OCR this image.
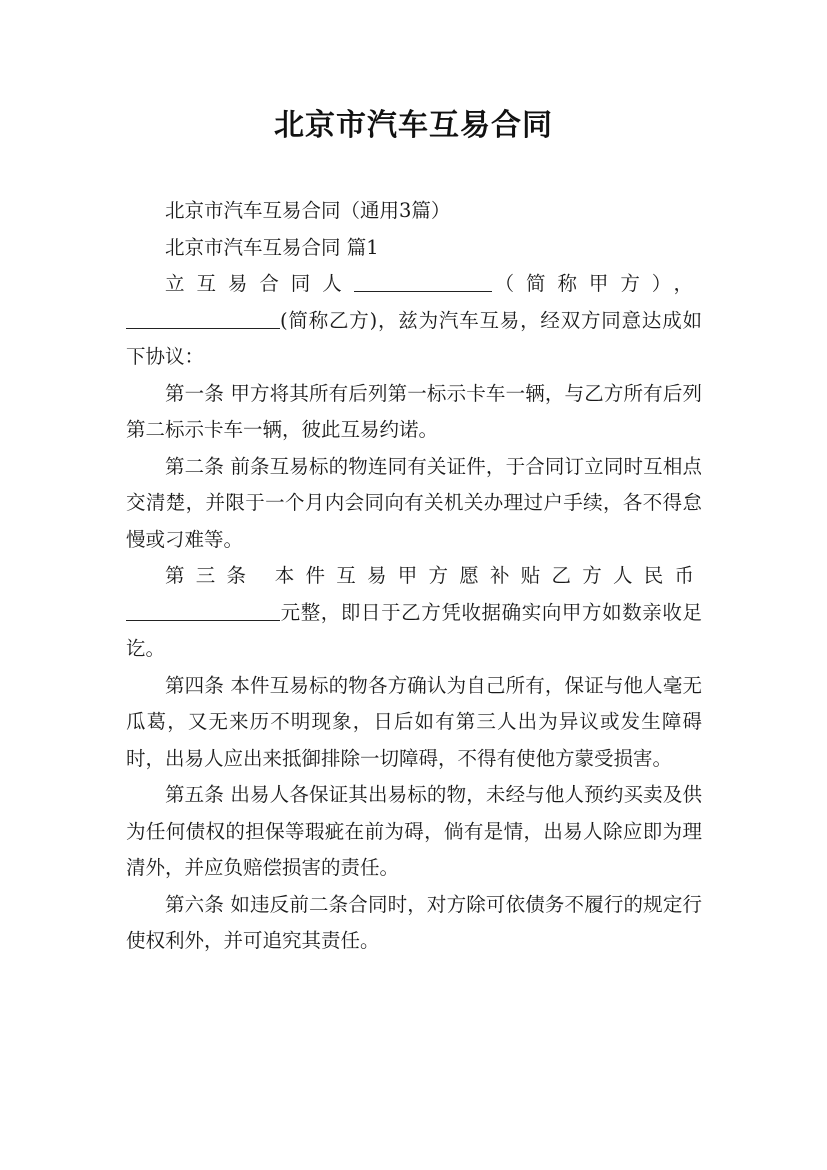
北京市汽车互易合同

北京市汽车互易合同（通用3篇）

北京市汽车互易合同 篇1

立互易合同人	（简称甲方），(简称乙方)，兹为汽车互易，经双方同意达成如下协议：

第一条 甲方将其所有后列第一标示卡车一辆，与乙方所有后列第二标示卡车一辆，彼此互易约诺。

第二条 前条互易标的物连同有关证件，于合同订立同时互相点交清楚，并限于一个月内会同向有关机关办理过户手续，各不得怠慢或刁难等。

第三条 本件互易甲方愿补贴乙方人民币元整，即日于乙方凭收据确实向甲方如数亲收足讫。

第四条 本件互易标的物各方确认为自己所有，保证与他人毫无瓜葛，又无来历不明现象，日后如有第三人出为异议或发生障碍时，出易人应出来抵御排除一切障碍，不得有使他方蒙受损害。

第五条 出易人各保证其出易标的物，未经与他人预约买卖及供为任何债权的担保等瑕疵在前为碍，倘有是情，出易人除应即为理清外，并应负赔偿损害的责任。

第六条 如违反前二条合同时，对方除可依债务不履行的规定行使权利外，并可追究其责任。
